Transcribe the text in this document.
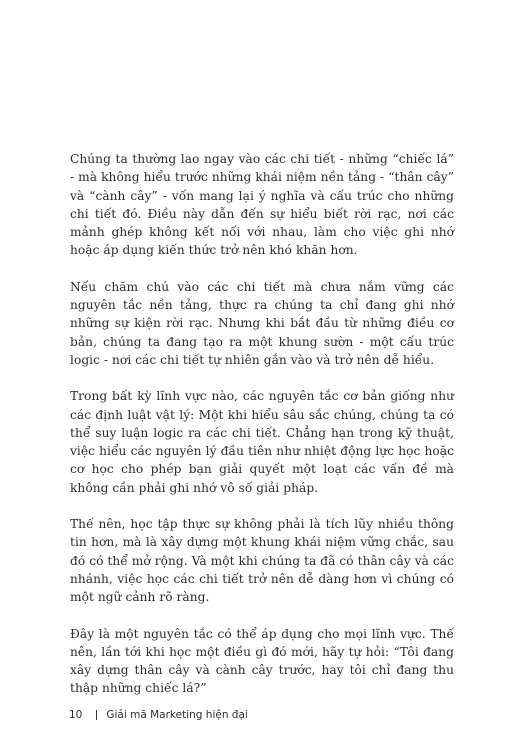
Chúng ta thường lao ngay vào các chi tiết - những “chiếc lá” - mà không hiểu trước những khái niệm nền tảng - “thân cây” và “cành cây” - vốn mang lại ý nghĩa và cấu trúc cho những chi tiết đó. Điều này dẫn đến sự hiểu biết rời rạc, nơi các mảnh ghép không kết nối với nhau, làm cho việc ghi nhớ hoặc áp dụng kiến thức trở nên khó khăn hơn.

Nếu chăm chú vào các chi tiết mà chưa nắm vững các nguyên tắc nền tảng, thực ra chúng ta chỉ đang ghi nhớ những sự kiện rời rạc. Nhưng khi bắt đầu từ những điều cơ bản, chúng ta đang tạo ra một khung sườn - một cấu trúc logic - nơi các chi tiết tự nhiên gắn vào và trở nên dễ hiểu.

Trong bất kỳ lĩnh vực nào, các nguyên tắc cơ bản giống như các định luật vật lý: Một khi hiểu sâu sắc chúng, chúng ta có thể suy luận logic ra các chi tiết. Chẳng hạn trong kỹ thuật, việc hiểu các nguyên lý đầu tiên như nhiệt động lực học hoặc cơ học cho phép bạn giải quyết một loạt các vấn đề mà không cần phải ghi nhớ vô số giải pháp.

Thế nên, học tập thực sự không phải là tích lũy nhiều thông tin hơn, mà là xây dựng một khung khái niệm vững chắc, sau đó có thể mở rộng. Và một khi chúng ta đã có thân cây và các nhánh, việc học các chi tiết trở nên dễ dàng hơn vì chúng có một ngữ cảnh rõ ràng.

Đây là một nguyên tắc có thể áp dụng cho mọi lĩnh vực. Thế nên, lần tới khi học một điều gì đó mới, hãy tự hỏi: “Tôi đang xây dựng thân cây và cành cây trước, hay tôi chỉ đang thu thập những chiếc lá?”

10 Giải mã Marketing hiện đại
